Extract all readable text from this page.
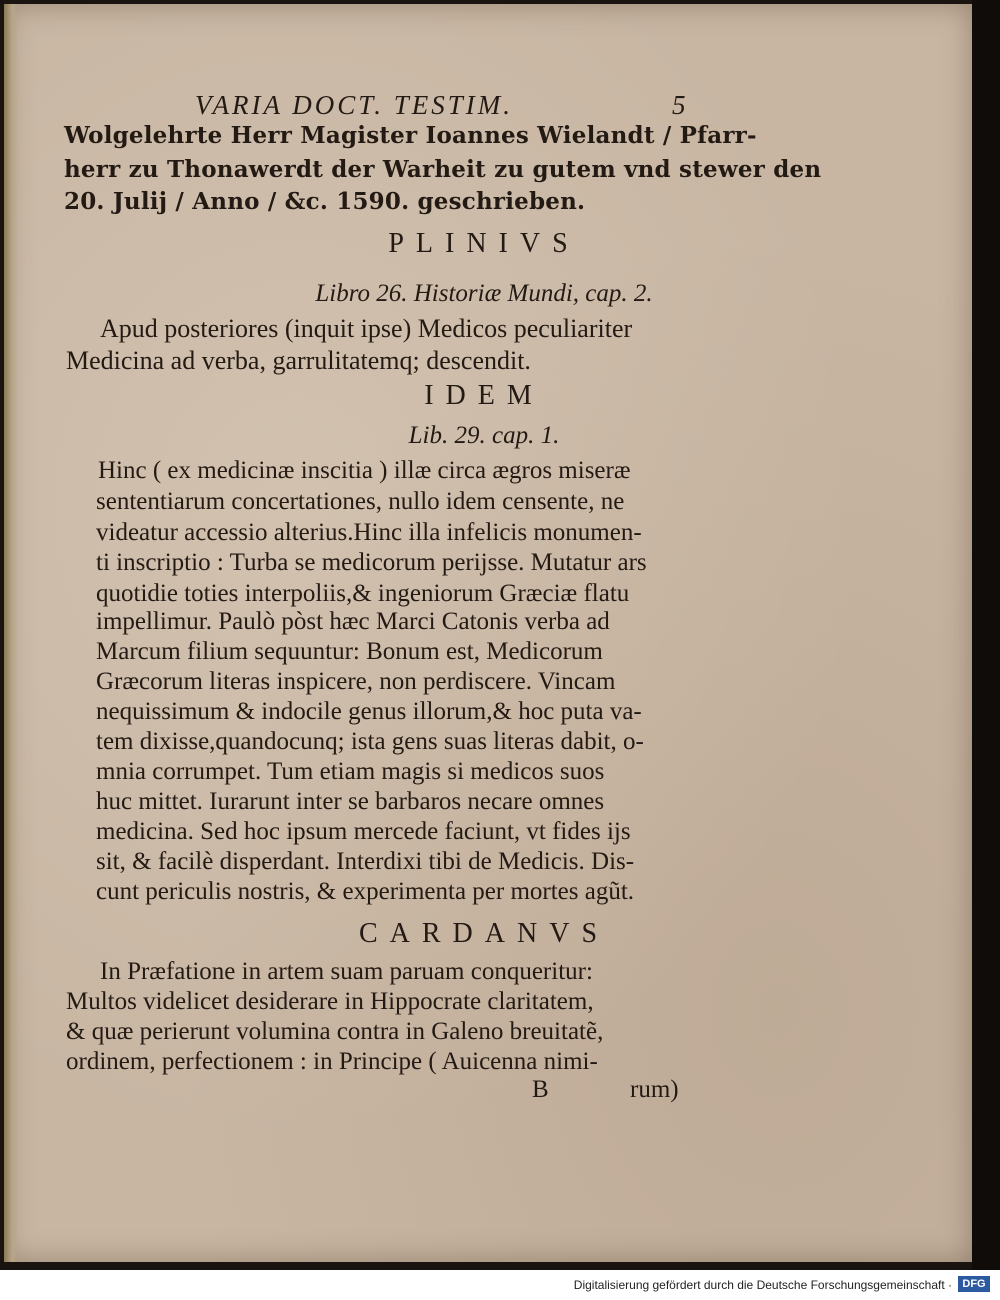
VARIA DOCT. TESTIM.	5
Wolgelehrte Herr Magister Ioannes Wielandt / Pfarr-
herr zu Thonawerdt der Warheit zu gutem vnd stewer den
20. Julij / Anno / &c. 1590. geschrieben.
PLINIVS
Libro 26. Historiæ Mundi, cap. 2.
Apud posteriores (inquit ipse) Medicos peculiariter
Medicina ad verba, garrulitatemq; descendit.
IDEM
Lib. 29. cap. 1.
Hinc ( ex medicinæ inscitia ) illæ circa ægros miseræ
sententiarum concertationes, nullo idem censente, ne
videatur accessio alterius.Hinc illa infelicis monumen-
ti inscriptio : Turba se medicorum perijsse. Mutatur ars
quotidie toties interpoliis,& ingeniorum Græciæ flatu
impellimur. Paulò pòst hæc Marci Catonis verba ad
Marcum filium sequuntur: Bonum est, Medicorum
Græcorum literas inspicere, non perdiscere. Vincam
nequissimum & indocile genus illorum,& hoc puta va-
tem dixisse,quandocunq; ista gens suas literas dabit, o-
mnia corrumpet. Tum etiam magis si medicos suos
huc mittet. Iurarunt inter se barbaros necare omnes
medicina. Sed hoc ipsum mercede faciunt, vt fides ijs
sit, & facilè disperdant. Interdixi tibi de Medicis. Dis-
cunt periculis nostris, & experimenta per mortes agũt.
CARDANVS
In Præfatione in artem suam paruam conqueritur:
Multos videlicet desiderare in Hippocrate claritatem,
& quæ perierunt volumina contra in Galeno breuitatẽ,
ordinem, perfectionem : in Principe ( Auicenna nimi-
B	rum)
Digitalisierung gefördert durch die Deutsche Forschungsgemeinschaft · DFG
